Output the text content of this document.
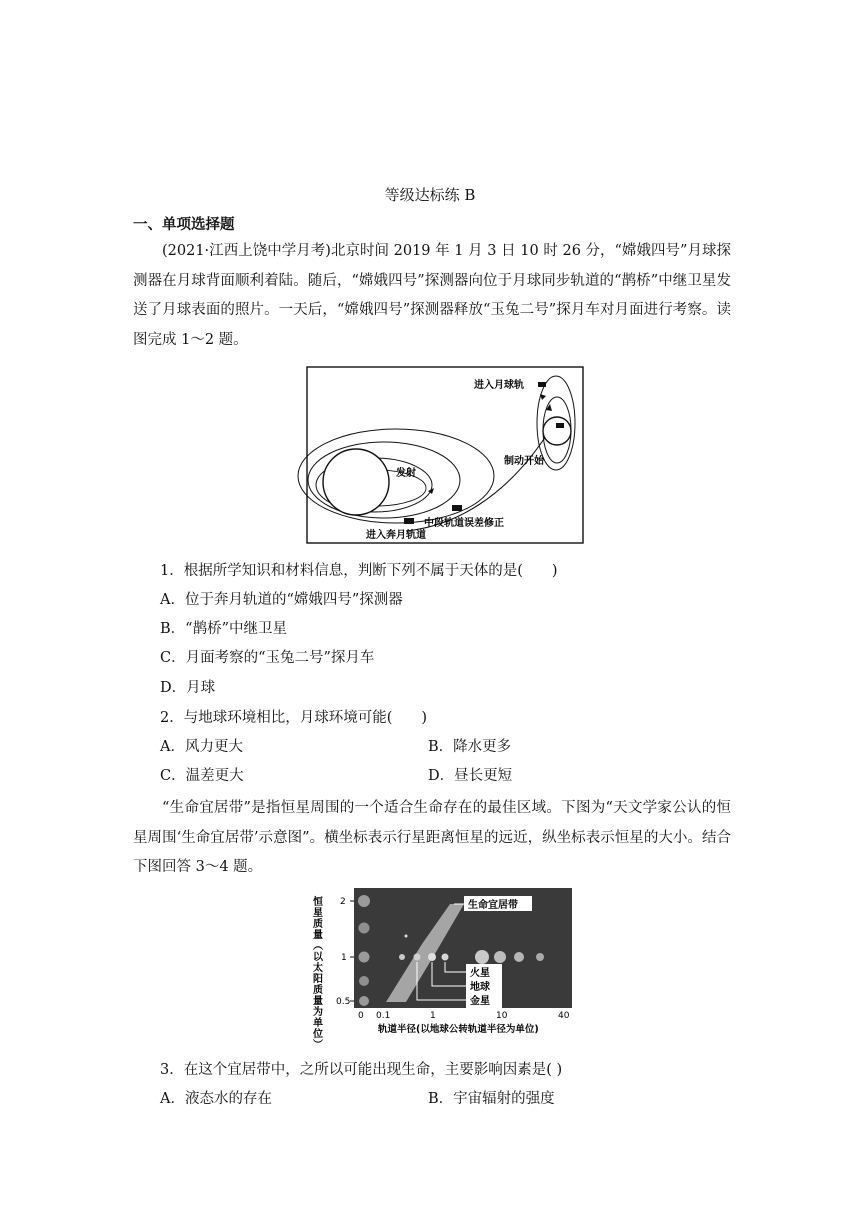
等级达标练 B
一、单项选择题
(2021·江西上饶中学月考)北京时间 2019 年 1 月 3 日 10 时 26 分，“嫦娥四号”月球探测器在月球背面顺利着陆。随后，“嫦娥四号”探测器向位于月球同步轨道的“鹊桥”中继卫星发送了月球表面的照片。一天后，“嫦娥四号”探测器释放“玉兔二号”探月车对月面进行考察。读图完成 1～2 题。
进入月球轨
发射
制动开始
中段轨道误差修正
进入奔月轨道
1．根据所学知识和材料信息，判断下列不属于天体的是(　　)
A．位于奔月轨道的“嫦娥四号”探测器
B．“鹊桥”中继卫星
C．月面考察的“玉兔二号”探月车
D．月球
2．与地球环境相比，月球环境可能(　　)
A．风力更大	B．降水更多
C．温差更大	D．昼长更短
“生命宜居带”是指恒星周围的一个适合生命存在的最佳区域。下图为“天文学家公认的恒星周围‘生命宜居带’示意图”。横坐标表示行星距离恒星的远近，纵坐标表示恒星的大小。结合下图回答 3～4 题。
恒星质量（以太阳质量为单位）	生命宜居带
火星
地球
金星
2
1
0.5
0 0.1	1	10	40
轨道半径(以地球公转轨道半径为单位)
3．在这个宜居带中，之所以可能出现生命，主要影响因素是( )
A．液态水的存在	B．宇宙辐射的强度
